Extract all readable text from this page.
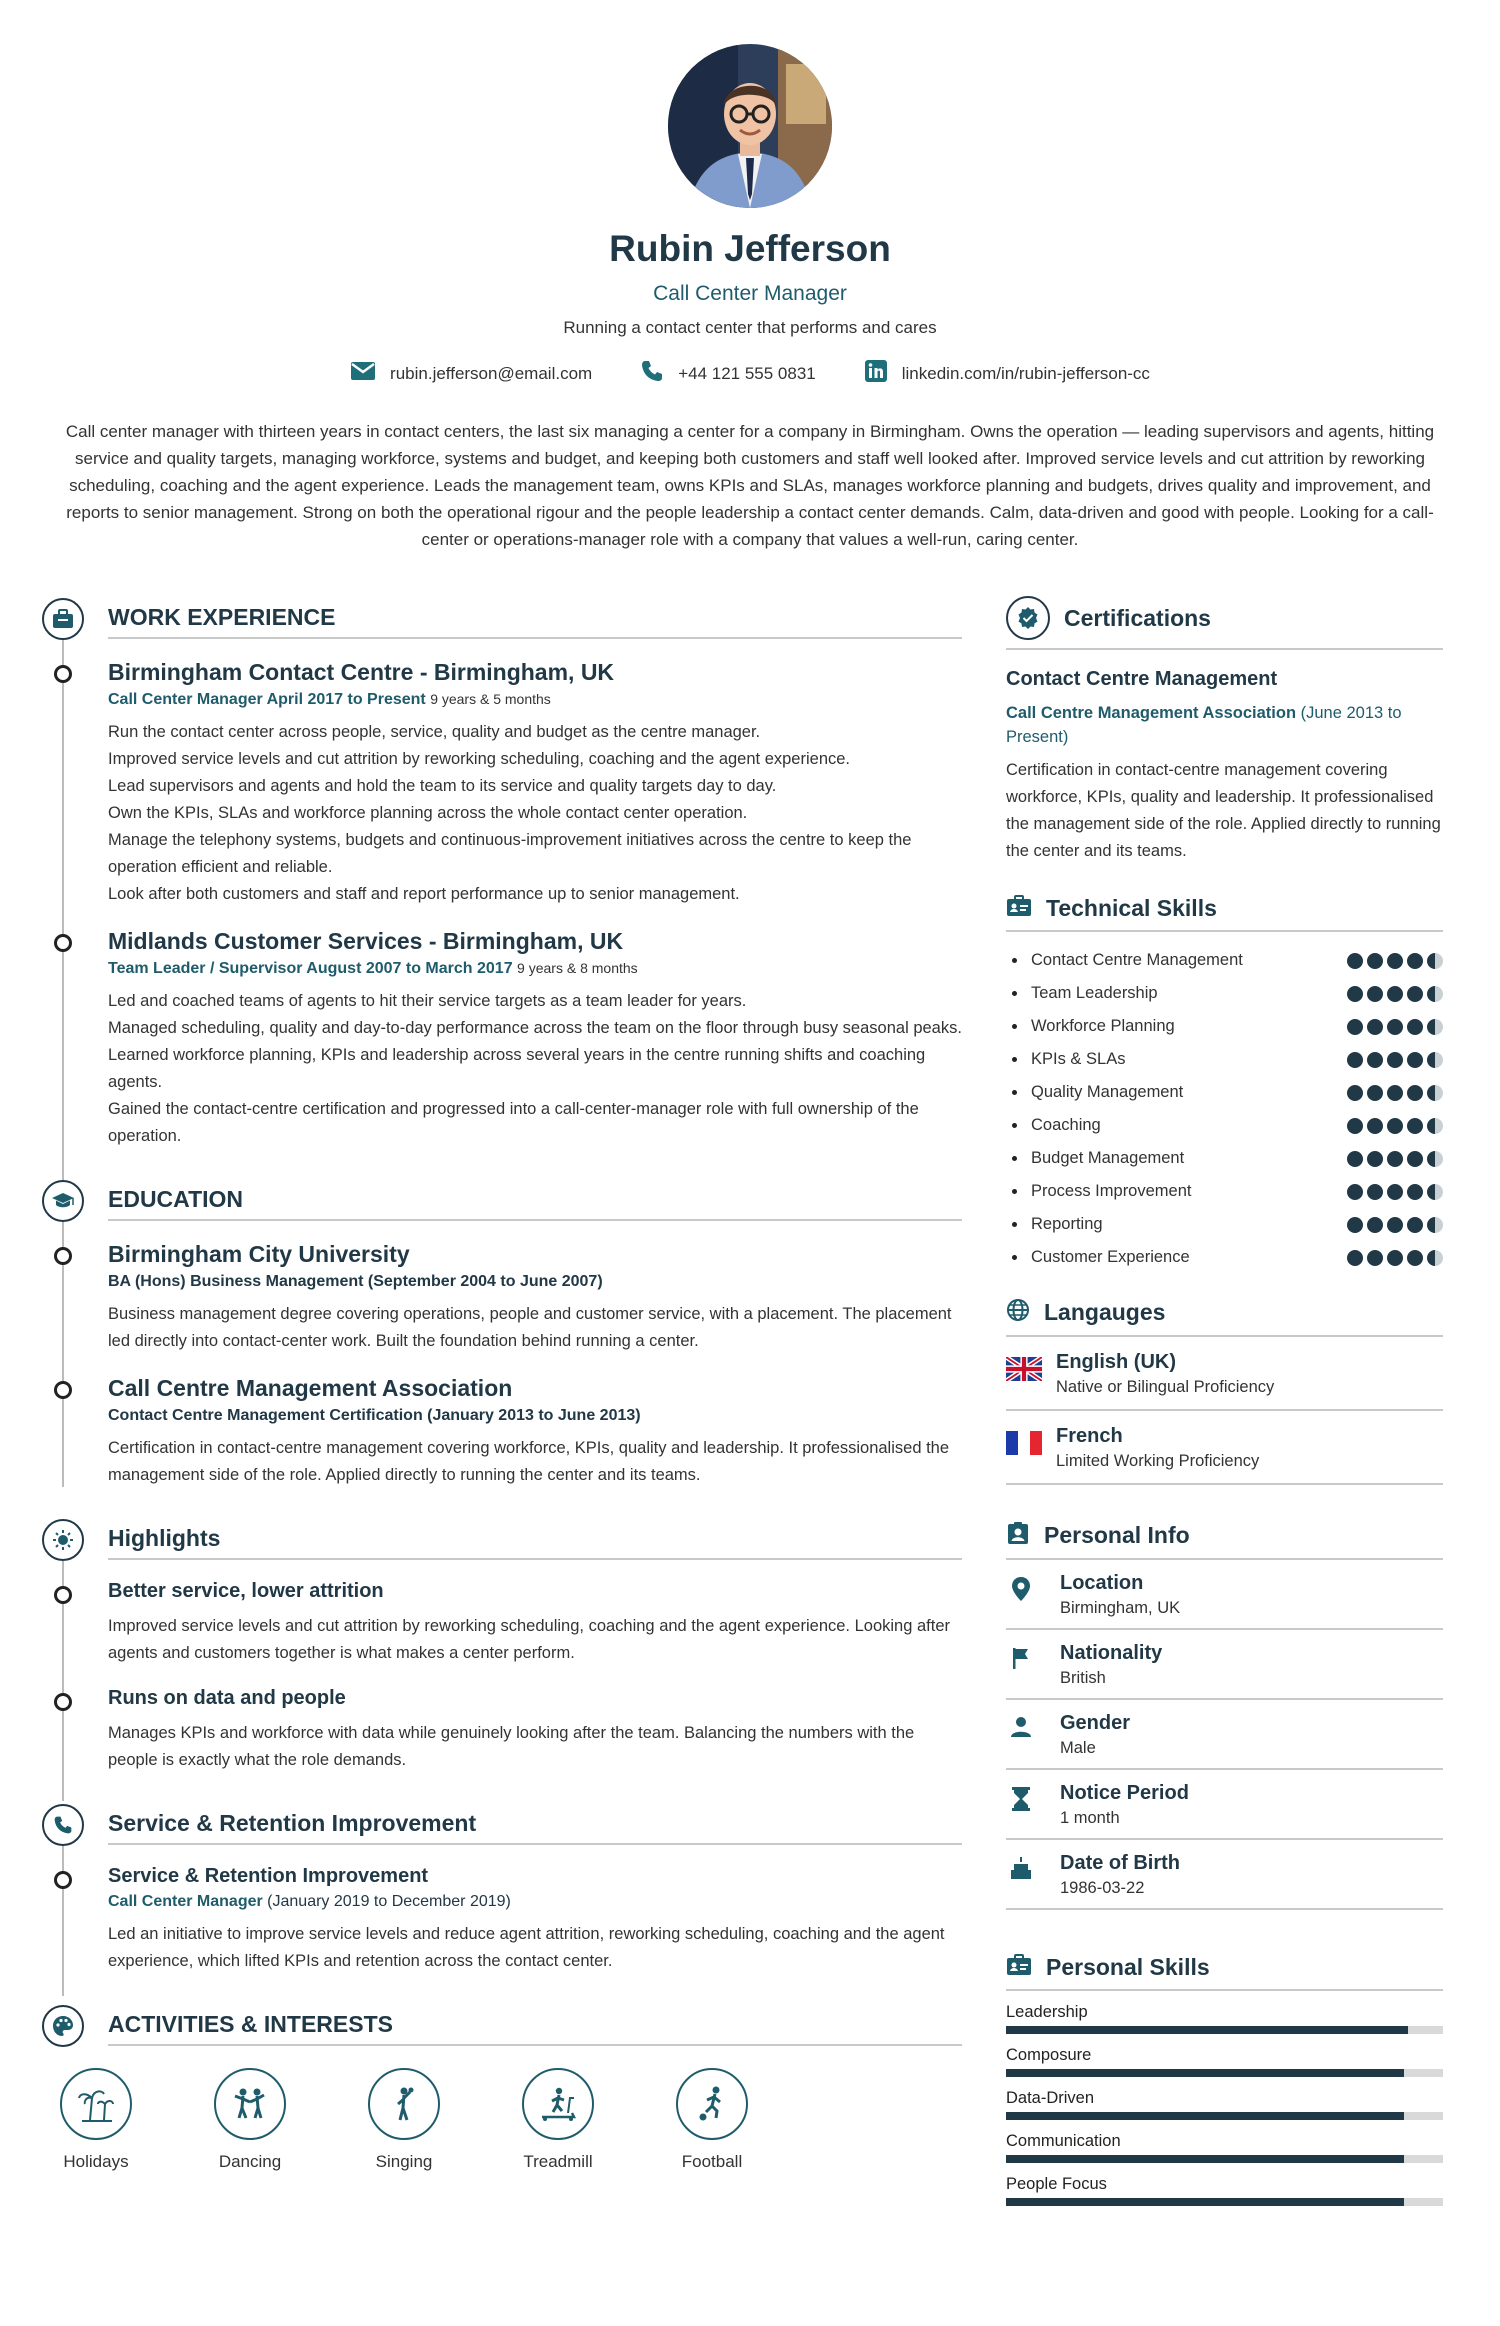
Rubin Jefferson
Call Center Manager
Running a contact center that performs and cares
rubin.jefferson@email.com	+44 121 555 0831	linkedin.com/in/rubin-jefferson-cc
Call center manager with thirteen years in contact centers, the last six managing a center for a company in Birmingham. Owns the operation — leading supervisors and agents, hitting service and quality targets, managing workforce, systems and budget, and keeping both customers and staff well looked after. Improved service levels and cut attrition by reworking scheduling, coaching and the agent experience. Leads the management team, owns KPIs and SLAs, manages workforce planning and budgets, drives quality and improvement, and reports to senior management. Strong on both the operational rigour and the people leadership a contact center demands. Calm, data-driven and good with people. Looking for a call-center or operations-manager role with a company that values a well-run, caring center.
WORK EXPERIENCE
Birmingham Contact Centre - Birmingham, UK
Call Center Manager April 2017 to Present 9 years & 5 months
Run the contact center across people, service, quality and budget as the centre manager.
Improved service levels and cut attrition by reworking scheduling, coaching and the agent experience.
Lead supervisors and agents and hold the team to its service and quality targets day to day.
Own the KPIs, SLAs and workforce planning across the whole contact center operation.
Manage the telephony systems, budgets and continuous-improvement initiatives across the centre to keep the operation efficient and reliable.
Look after both customers and staff and report performance up to senior management.
Midlands Customer Services - Birmingham, UK
Team Leader / Supervisor August 2007 to March 2017 9 years & 8 months
Led and coached teams of agents to hit their service targets as a team leader for years.
Managed scheduling, quality and day-to-day performance across the team on the floor through busy seasonal peaks.
Learned workforce planning, KPIs and leadership across several years in the centre running shifts and coaching agents.
Gained the contact-centre certification and progressed into a call-center-manager role with full ownership of the operation.
EDUCATION
Birmingham City University
BA (Hons) Business Management (September 2004 to June 2007)
Business management degree covering operations, people and customer service, with a placement. The placement led directly into contact-center work. Built the foundation behind running a center.
Call Centre Management Association
Contact Centre Management Certification (January 2013 to June 2013)
Certification in contact-centre management covering workforce, KPIs, quality and leadership. It professionalised the management side of the role. Applied directly to running the center and its teams.
Highlights
Better service, lower attrition
Improved service levels and cut attrition by reworking scheduling, coaching and the agent experience. Looking after agents and customers together is what makes a center perform.
Runs on data and people
Manages KPIs and workforce with data while genuinely looking after the team. Balancing the numbers with the people is exactly what the role demands.
Service & Retention Improvement
Service & Retention Improvement
Call Center Manager (January 2019 to December 2019)
Led an initiative to improve service levels and reduce agent attrition, reworking scheduling, coaching and the agent experience, which lifted KPIs and retention across the contact center.
ACTIVITIES & INTERESTS
Holidays	Dancing	Singing	Treadmill	Football
Certifications
Contact Centre Management
Call Centre Management Association (June 2013 to Present)
Certification in contact-centre management covering workforce, KPIs, quality and leadership. It professionalised the management side of the role. Applied directly to running the center and its teams.
Technical Skills
Contact Centre Management
Team Leadership
Workforce Planning
KPIs & SLAs
Quality Management
Coaching
Budget Management
Process Improvement
Reporting
Customer Experience
Langauges
English (UK)
Native or Bilingual Proficiency
French
Limited Working Proficiency
Personal Info
Location
Birmingham, UK
Nationality
British
Gender
Male
Notice Period
1 month
Date of Birth
1986-03-22
Personal Skills
Leadership
Composure
Data-Driven
Communication
People Focus
